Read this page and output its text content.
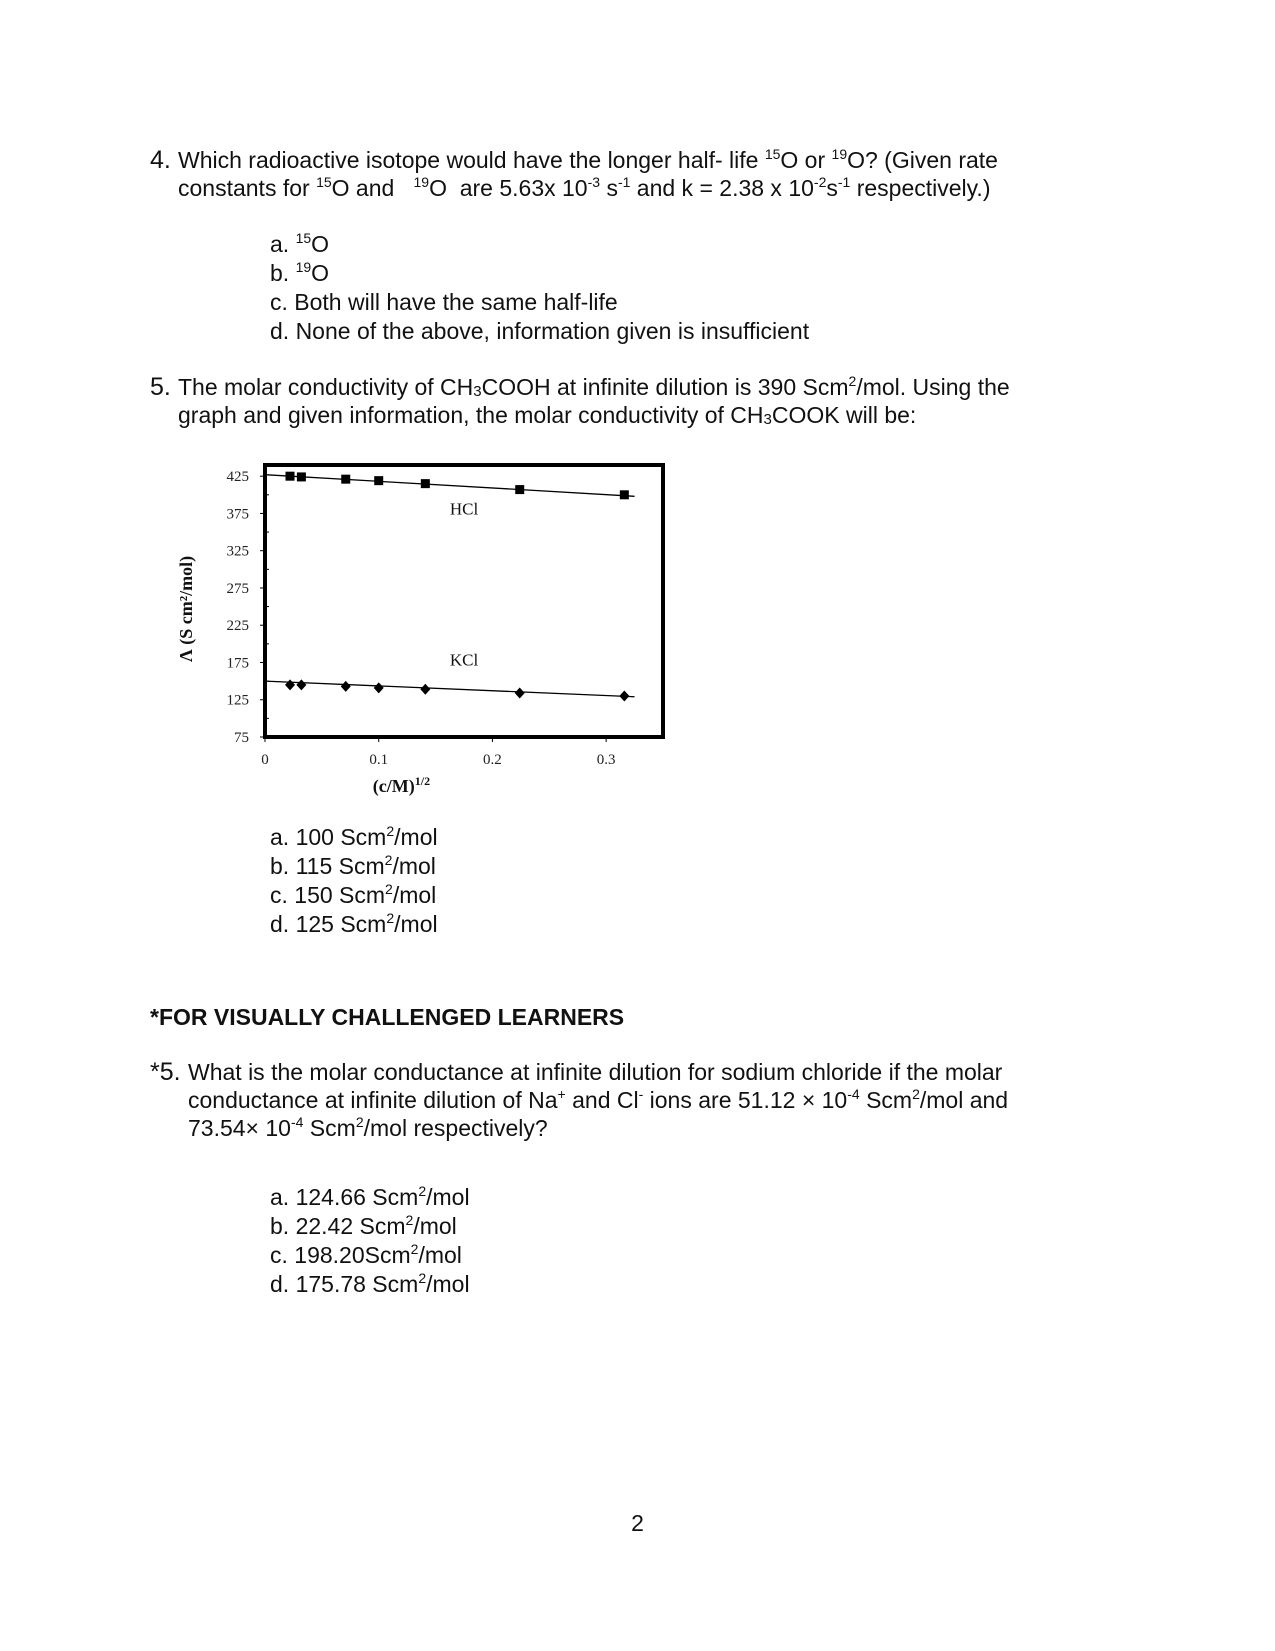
4. Which radioactive isotope would have the longer half- life $^{15}$O or $^{19}$O? (Given rate

constants for $^{15}$O and   $^{19}$O  are 5.63x $10^{-3}$ $s^{-1}$ and k = 2.38 x $10^{-2}s^{-1}$ respectively.)

a. $^{15}$O
b. $^{19}$O
c. Both will have the same half-life
d. None of the above, information given is insufficient

5. The molar conductivity of $CH_3COOH$ at infinite dilution is 390 Scm$^2$/mol. Using the

graph and given information, the molar conductivity of $CH_3COOK$ will be:

425
375
325
275
225
175
125
75
0	0.1	0.2	0.3
$(c/M)^{1/2}$
Λ (S cm²/mol)
HCl
KCl
a. 100 Scm$^2$/mol
b. 115 Scm$^2$/mol
c. 150 Scm$^2$/mol
d. 125 Scm$^2$/mol
*FOR VISUALLY CHALLENGED LEARNERS

*5. What is the molar conductance at infinite dilution for sodium chloride if the molar

conductance at infinite dilution of Na+ and Cl- ions are $51.12 \times 10^{-4}$ Scm$^2$/mol and

$73.54\times 10^{-4}$ Scm$^2$/mol respectively?

a. 124.66 Scm$^2$/mol
b. 22.42 Scm$^2$/mol
c. 198.20Scm$^2$/mol
d. 175.78 Scm$^2$/mol
2
